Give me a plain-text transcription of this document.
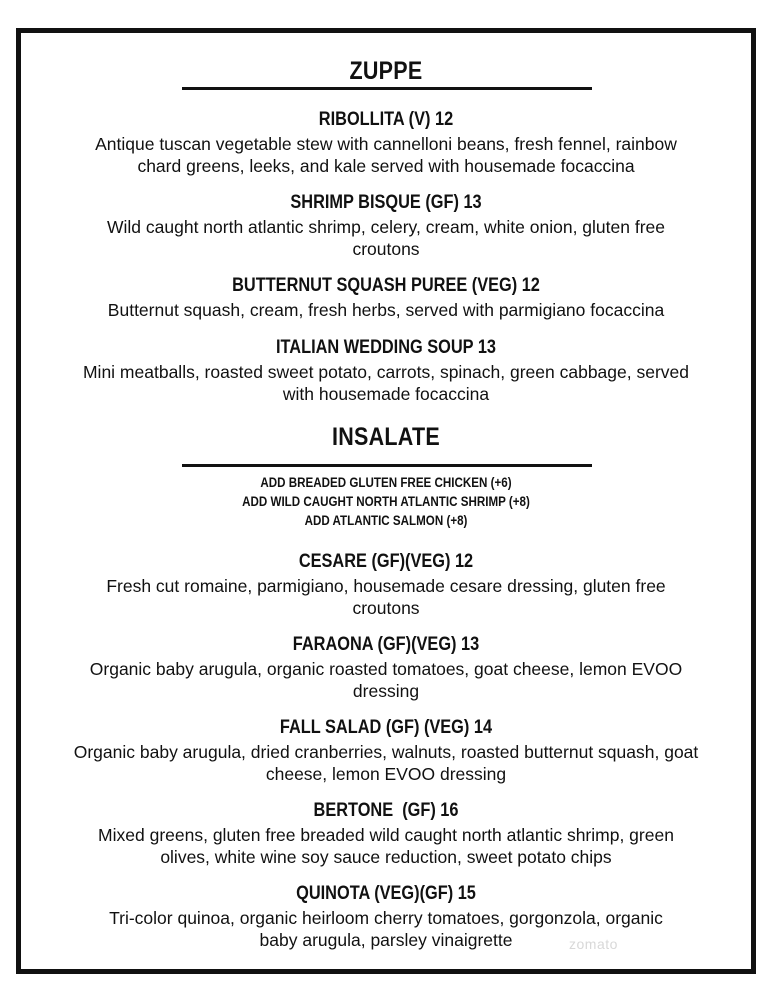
ZUPPE
RIBOLLITA (V) 12
Antique tuscan vegetable stew with cannelloni beans, fresh fennel, rainbow
chard greens, leeks, and kale served with housemade focaccina
SHRIMP BISQUE (GF) 13
Wild caught north atlantic shrimp, celery, cream, white onion, gluten free
croutons
BUTTERNUT SQUASH PUREE (VEG) 12
Butternut squash, cream, fresh herbs, served with parmigiano focaccina
ITALIAN WEDDING SOUP 13
Mini meatballs, roasted sweet potato, carrots, spinach, green cabbage, served
with housemade focaccina
INSALATE
ADD BREADED GLUTEN FREE CHICKEN (+6)
ADD WILD CAUGHT NORTH ATLANTIC SHRIMP (+8)
ADD ATLANTIC SALMON (+8)
CESARE (GF)(VEG) 12
Fresh cut romaine, parmigiano, housemade cesare dressing, gluten free
croutons
FARAONA (GF)(VEG) 13
Organic baby arugula, organic roasted tomatoes, goat cheese, lemon EVOO
dressing
FALL SALAD (GF) (VEG) 14
Organic baby arugula, dried cranberries, walnuts, roasted butternut squash, goat
cheese, lemon EVOO dressing
BERTONE  (GF) 16
Mixed greens, gluten free breaded wild caught north atlantic shrimp, green
olives, white wine soy sauce reduction, sweet potato chips
QUINOTA (VEG)(GF) 15
Tri-color quinoa, organic heirloom cherry tomatoes, gorgonzola, organic
baby arugula, parsley vinaigrette	zomato
